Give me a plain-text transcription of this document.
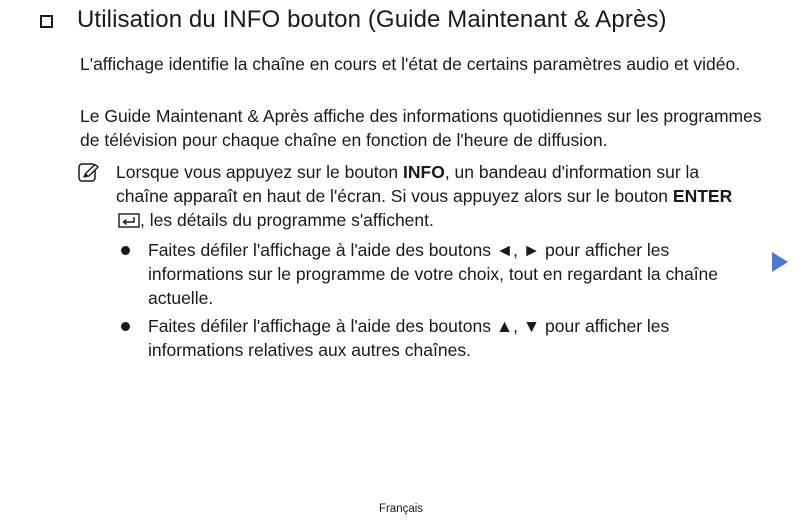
Utilisation du INFO bouton (Guide Maintenant & Après)

L'affichage identifie la chaîne en cours et l'état de certains paramètres audio et vidéo.

Le Guide Maintenant & Après affiche des informations quotidiennes sur les programmes de télévision pour chaque chaîne en fonction de l'heure de diffusion.

Lorsque vous appuyez sur le bouton INFO, un bandeau d'information sur la chaîne apparaît en haut de l'écran. Si vous appuyez alors sur le bouton ENTER, les détails du programme s'affichent.
Faites défiler l'affichage à l'aide des boutons ◄, ► pour afficher les informations sur le programme de votre choix, tout en regardant la chaîne actuelle.
Faites défiler l'affichage à l'aide des boutons ▲, ▼ pour afficher les informations relatives aux autres chaînes.
Français
